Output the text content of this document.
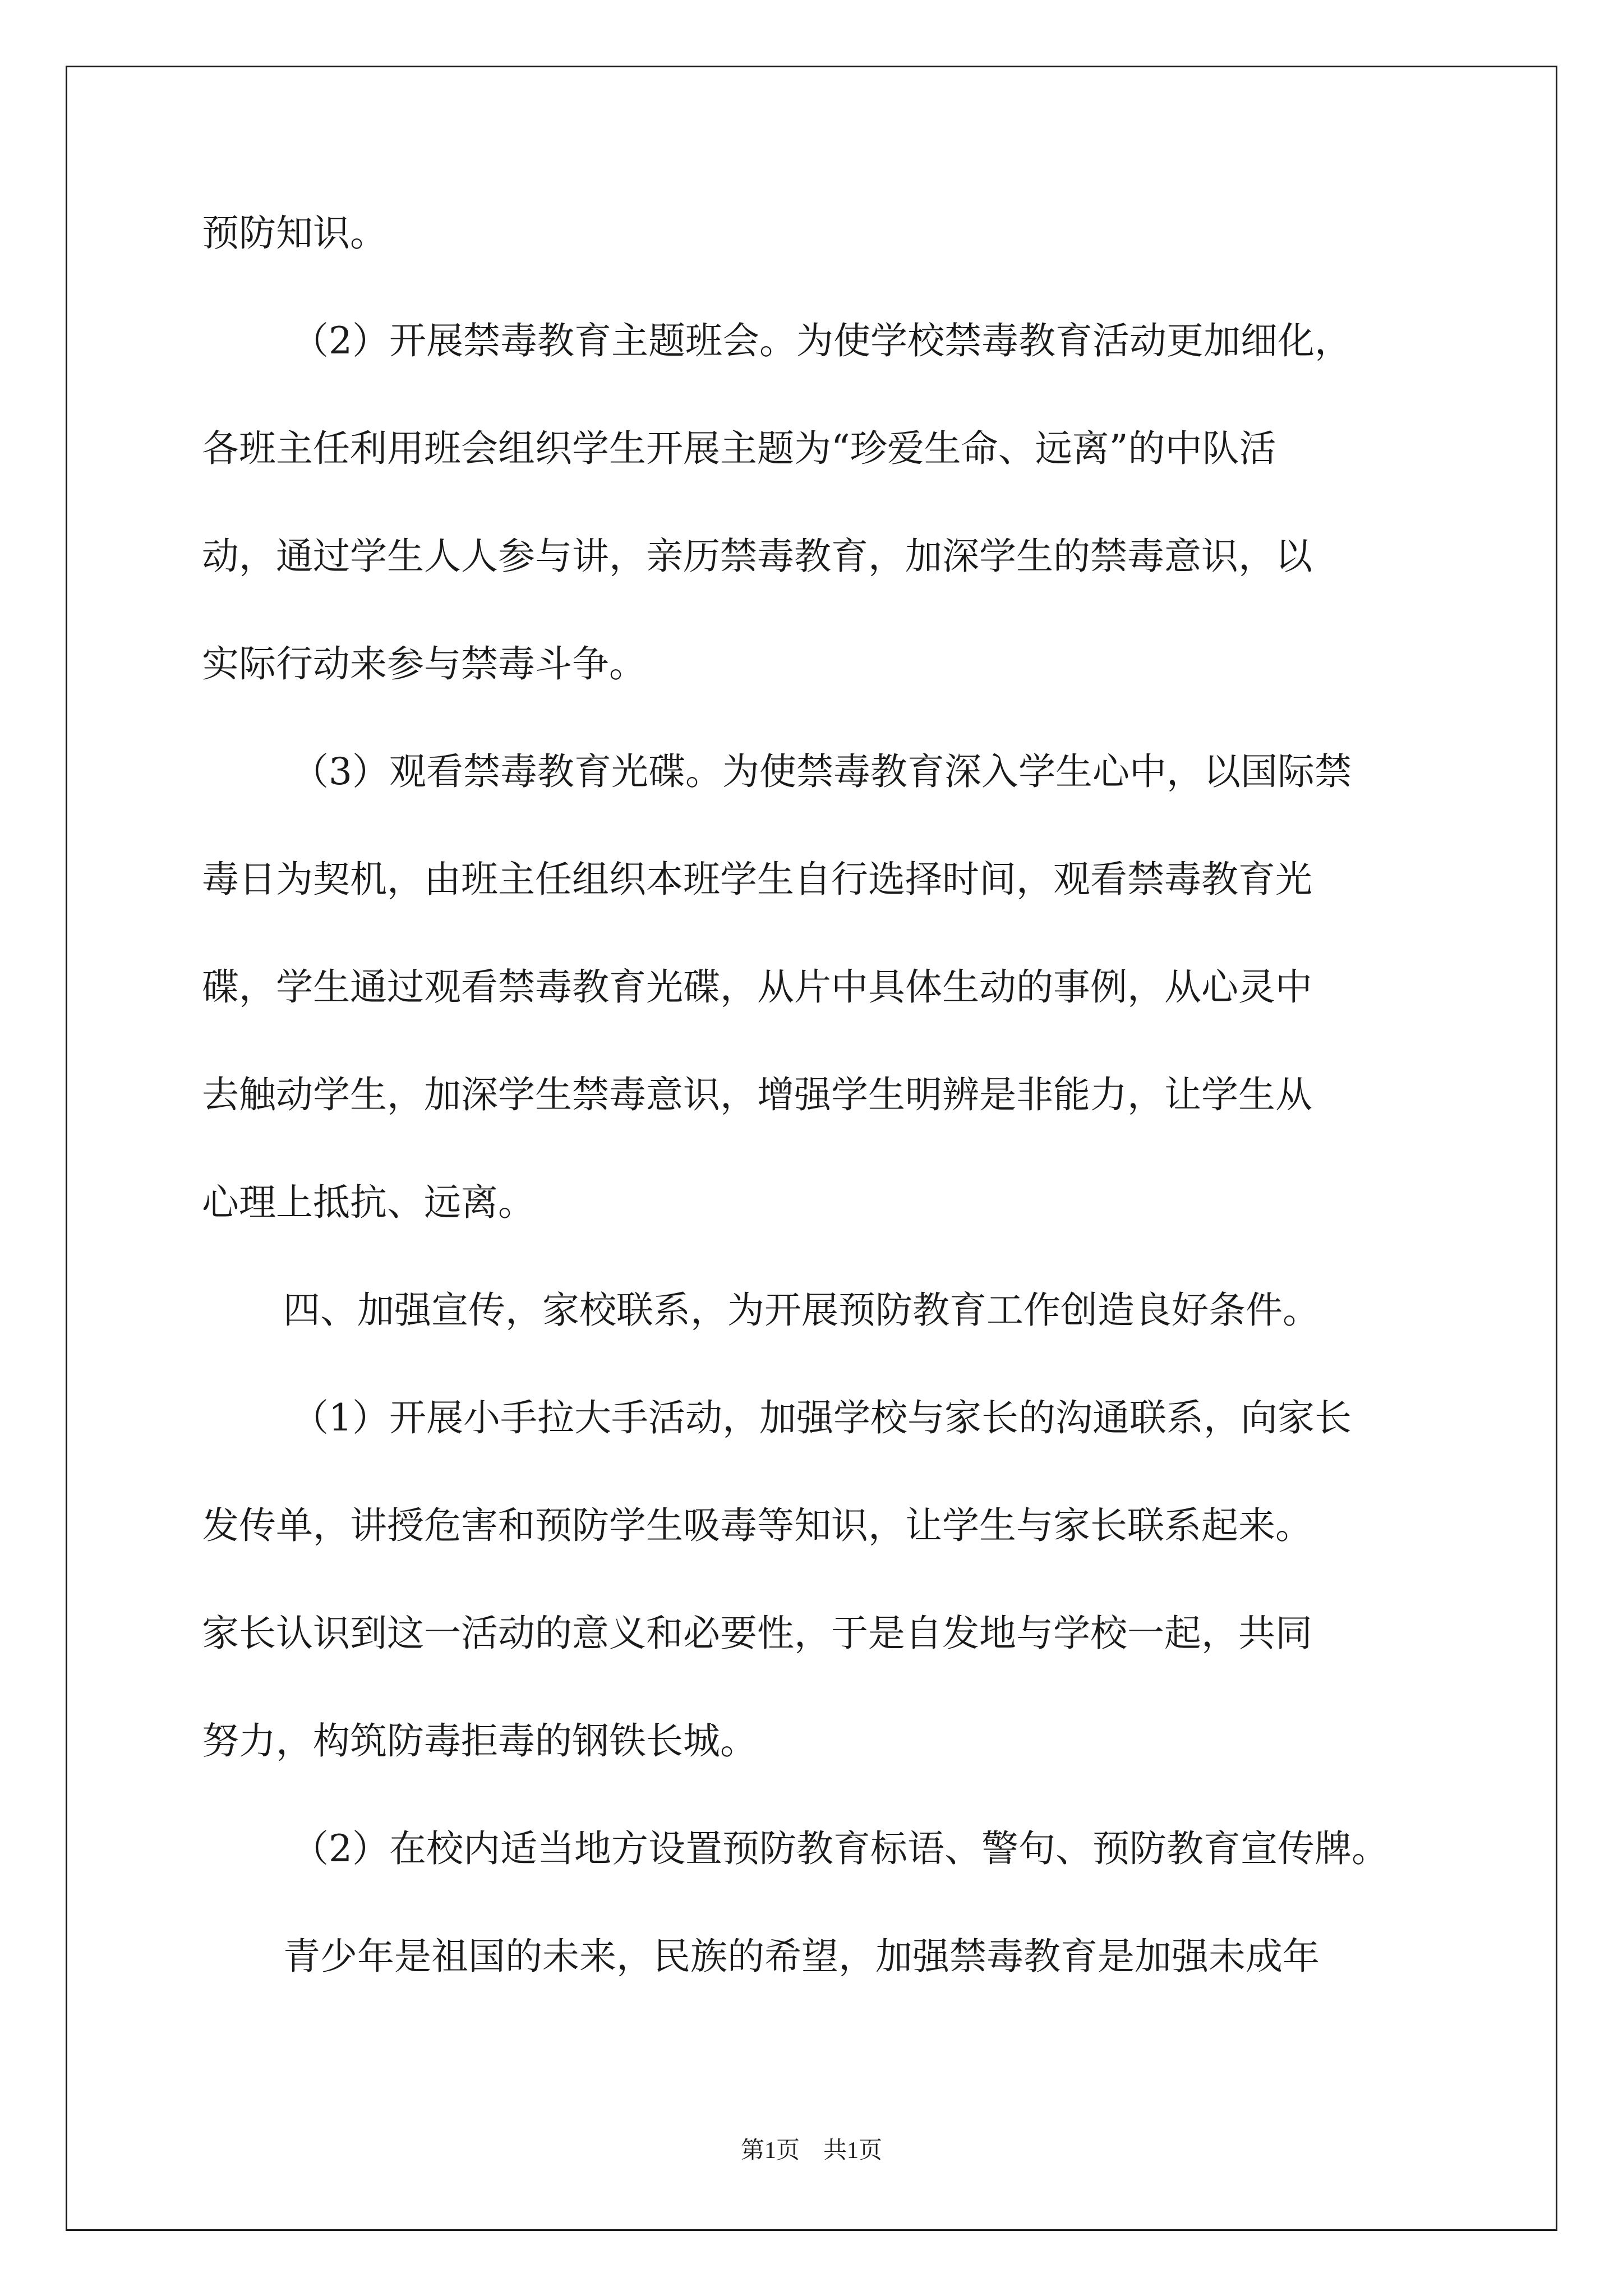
预防知识。
（2）开展禁毒教育主题班会。为使学校禁毒教育活动更加细化，
各班主任利用班会组织学生开展主题为“珍爱生命、远离”的中队活
动，通过学生人人参与讲，亲历禁毒教育，加深学生的禁毒意识，以
实际行动来参与禁毒斗争。
（3）观看禁毒教育光碟。为使禁毒教育深入学生心中，以国际禁
毒日为契机，由班主任组织本班学生自行选择时间，观看禁毒教育光
碟，学生通过观看禁毒教育光碟，从片中具体生动的事例，从心灵中
去触动学生，加深学生禁毒意识，增强学生明辨是非能力，让学生从
心理上抵抗、远离。
四、加强宣传，家校联系，为开展预防教育工作创造良好条件。
（1）开展小手拉大手活动，加强学校与家长的沟通联系，向家长
发传单，讲授危害和预防学生吸毒等知识，让学生与家长联系起来。
家长认识到这一活动的意义和必要性，于是自发地与学校一起，共同
努力，构筑防毒拒毒的钢铁长城。
（2）在校内适当地方设置预防教育标语、警句、预防教育宣传牌。
青少年是祖国的未来，民族的希望，加强禁毒教育是加强未成年
第1页　共1页
